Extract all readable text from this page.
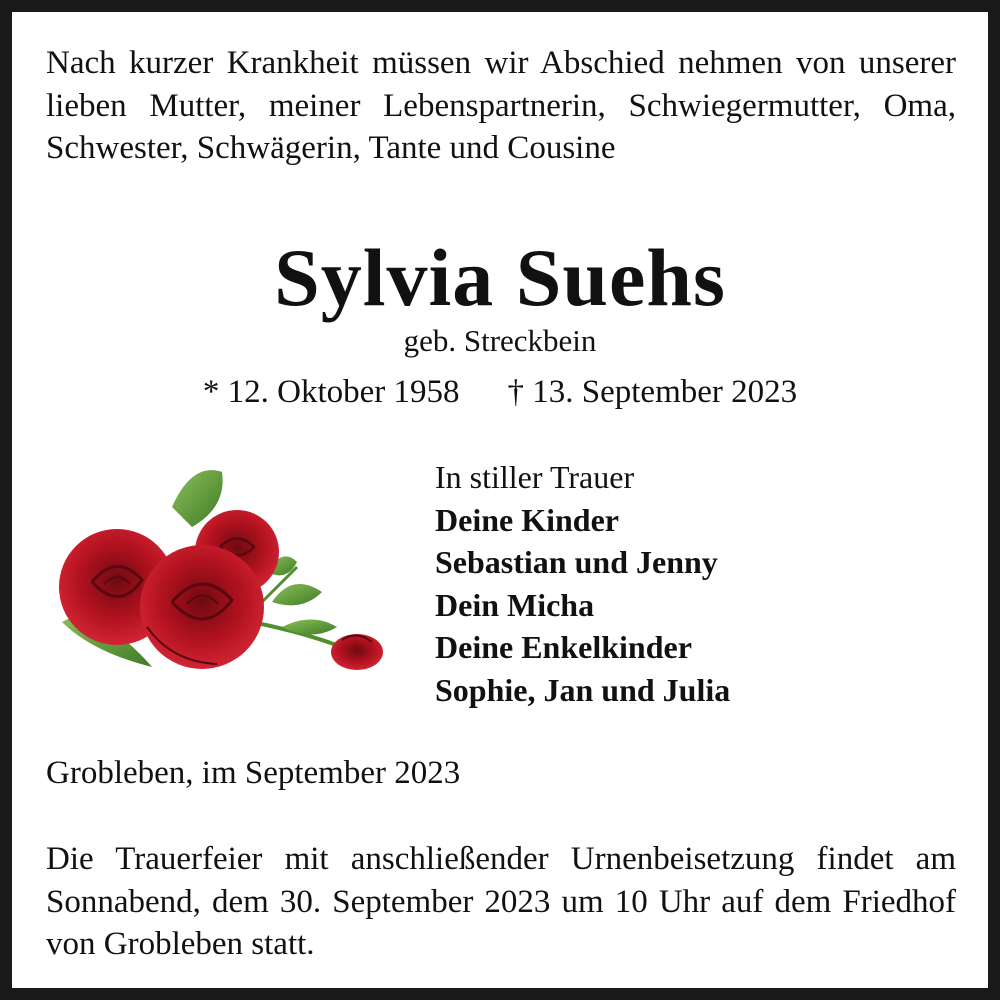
Nach kurzer Krankheit müssen wir Abschied nehmen von unserer lieben Mutter, meiner Lebenspartnerin, Schwiegermutter, Oma, Schwester, Schwägerin, Tante und Cousine
Sylvia Suehs
geb. Streckbein
* 12. Oktober 1958 † 13. September 2023
In stiller Trauer
Deine Kinder
Sebastian und Jenny
Dein Micha
Deine Enkelkinder
Sophie, Jan und Julia
Grobleben, im September 2023
Die Trauerfeier mit anschließender Urnenbeisetzung findet am Sonnabend, dem 30. September 2023 um 10 Uhr auf dem Friedhof von Grobleben statt.
